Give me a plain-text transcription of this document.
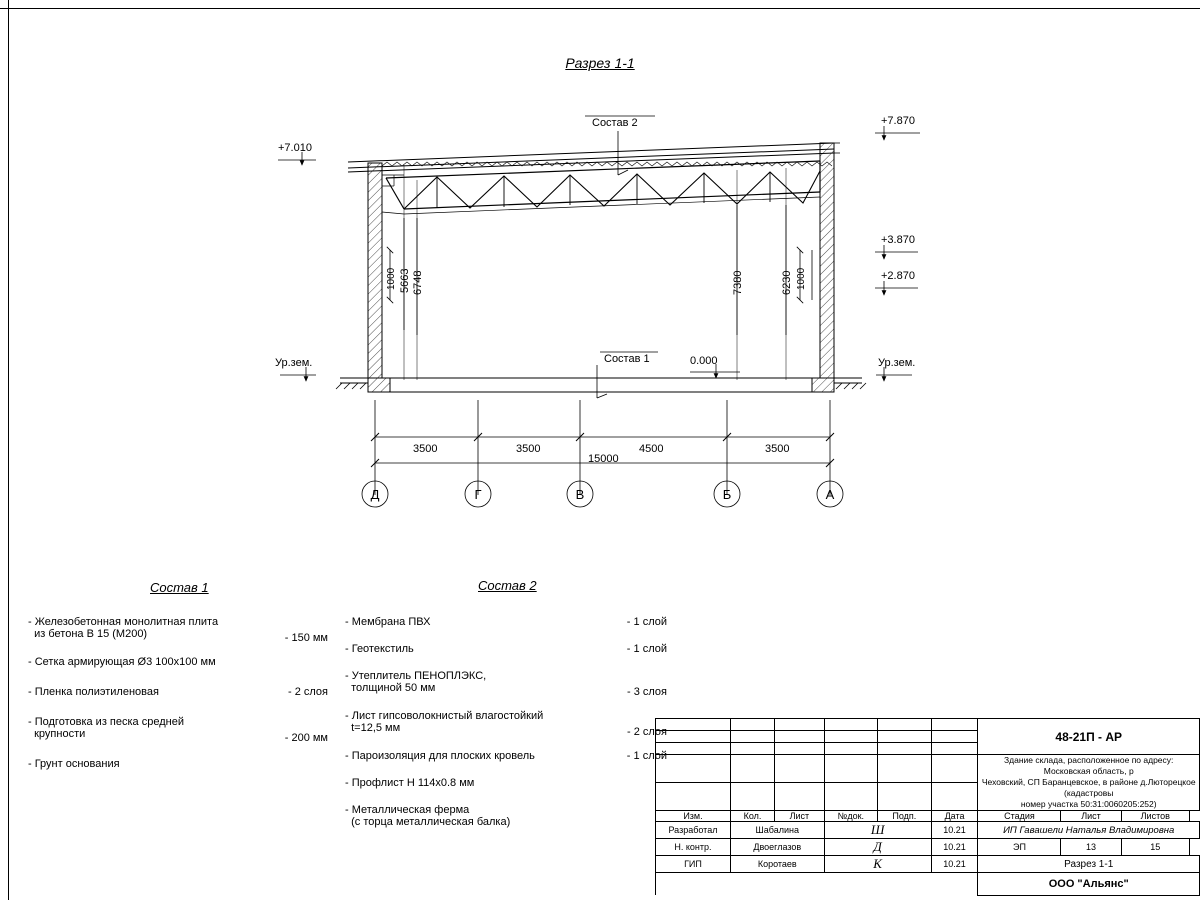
Разрез 1-1
+7.010
+7.870
+3.870
+2.870
0.000
Ур.зем.	Ур.зем.
Состав 2
Состав 1
1000 5663 6748	7380	6230 1000
3500	3500	4500	3500
15000
Д	Г	В	Б	А
Состав 1	Состав 2
- Железобетонная монолитная плита
из бетона В 15 (М200)	- 150 мм
- Сетка армирующая Ø3 100х100 мм
- Пленка полиэтиленовая	- 2 слоя
- Подготовка из песка средней
крупности	- 200 мм
- Грунт основания
- Мембрана ПВХ	- 1 слой
- Геотекстиль	- 1 слой
- Утеплитель ПЕНОПЛЭКС,
толщиной 50 мм	- 3 слоя
- Лист гипсоволокнистый влагостойкий
t=12,5 мм	- 2 слоя
- Пароизоляция для плоских кровель	- 1 слой
- Профлист Н 114х0.8 мм
- Металлическая ферма
(с торца металлическая балка)
						48-21П - АР			

						Здание склада, расположенное по адресу: Московская область, р
Чеховский, СП Баранцевское, в районе д.Люторецкое (кадастровы
номер участка 50:31:0060205:252)			

Изм.	Кол.	Лист	№док.	Подп.	Дата	Стадия	Лист	Листов	
Разработал	Шабалина		Ш		10.21	ИП Гавашели Наталья Владимировна			
Н. контр.	Двоеглазов		Д		10.21	ЭП	13	15	
ГИП	Коротаев		К		10.21	Разрез 1-1			
						ООО "Альянс"			
